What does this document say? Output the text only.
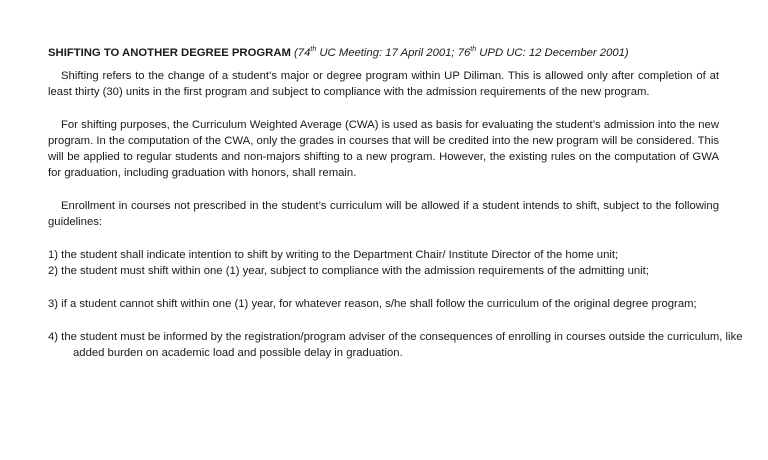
SHIFTING TO ANOTHER DEGREE PROGRAM (74th UC Meeting: 17 April 2001; 76th UPD UC: 12 December 2001)

Shifting refers to the change of a student’s major or degree program within UP Diliman. This is allowed only after completion of at least thirty (30) units in the first program and subject to compliance with the admission requirements of the new program.

For shifting purposes, the Curriculum Weighted Average (CWA) is used as basis for evaluating the student’s admission into the new program. In the computation of the CWA, only the grades in courses that will be credited into the new program will be considered. This will be applied to regular students and non-majors shifting to a new program. However, the existing rules on the computation of GWA for graduation, including graduation with honors, shall remain.

Enrollment in courses not prescribed in the student’s curriculum will be allowed if a student intends to shift, subject to the following guidelines:

1) the student shall indicate intention to shift by writing to the Department Chair/ Institute Director of the home unit;

2) the student must shift within one (1) year, subject to compliance with the admission requirements of the admitting unit;

3) if a student cannot shift within one (1) year, for whatever reason, s/he shall follow the curriculum of the original degree program;

4) the student must be informed by the registration/program adviser of the consequences of enrolling in courses outside the curriculum, like added burden on academic load and possible delay in graduation.
